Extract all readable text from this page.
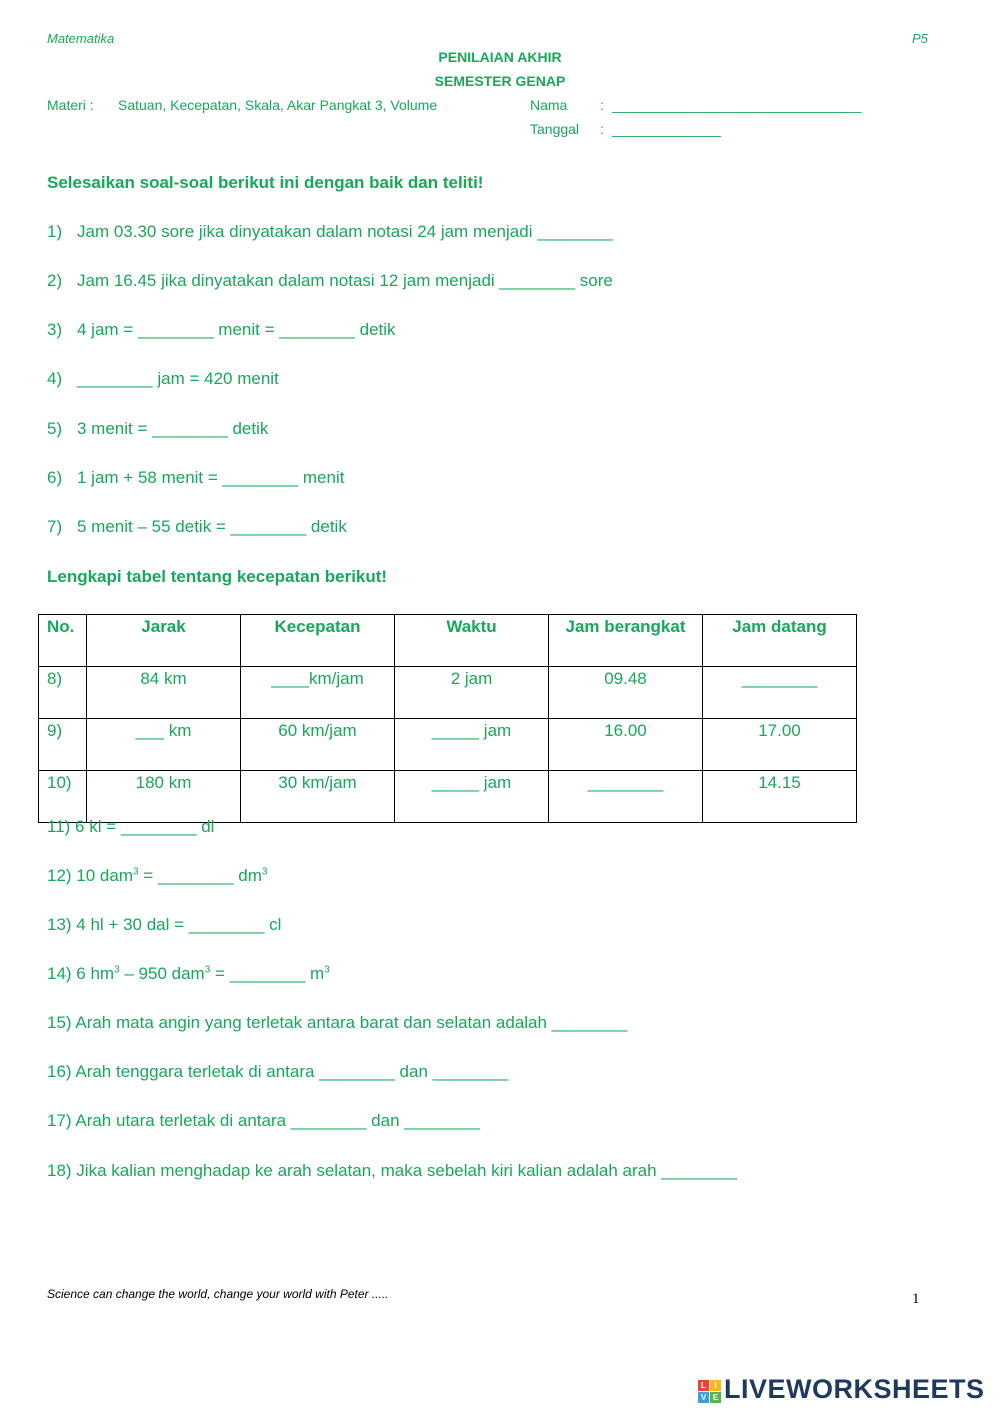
Matematika	P5
PENILAIAN AKHIR
SEMESTER GENAP
Materi : Satuan, Kecepatan, Skala, Akar Pangkat 3, Volume	Nama : ________________________________
Tanggal : ______________
Selesaikan soal-soal berikut ini dengan baik dan teliti!
1) Jam 03.30 sore jika dinyatakan dalam notasi 24 jam menjadi ________
2) Jam 16.45 jika dinyatakan dalam notasi 12 jam menjadi ________ sore
3) 4 jam = ________ menit = ________ detik
4) ________ jam = 420 menit
5) 3 menit = ________ detik
6) 1 jam + 58 menit = ________ menit
7) 5 menit – 55 detik = ________ detik
Lengkapi tabel tentang kecepatan berikut!
No.	Jarak	Kecepatan	Waktu	Jam berangkat	Jam datang
8)	84 km	____km/jam	2 jam	09.48	________
9)	___ km	60 km/jam	_____ jam	16.00	17.00
10)	180 km	30 km/jam	_____ jam	________	14.15
11) 6 kl = ________ dl
12) 10 dam$^3$ = ________ $dm^3$
13) 4 hl + 30 dal = ________ cl
14) 6 $hm^3 - 950$ dam$^3$ = ________ $m^3$
15) Arah mata angin yang terletak antara barat dan selatan adalah ________
16) Arah tenggara terletak di antara ________ dan ________
17) Arah utara terletak di antara ________ dan ________
18) Jika kalian menghadap ke arah selatan, maka sebelah kiri kalian adalah arah ________
Science can change the world, change your world with Peter .....	1
L	I
V E LIVEWORKSHEETS
